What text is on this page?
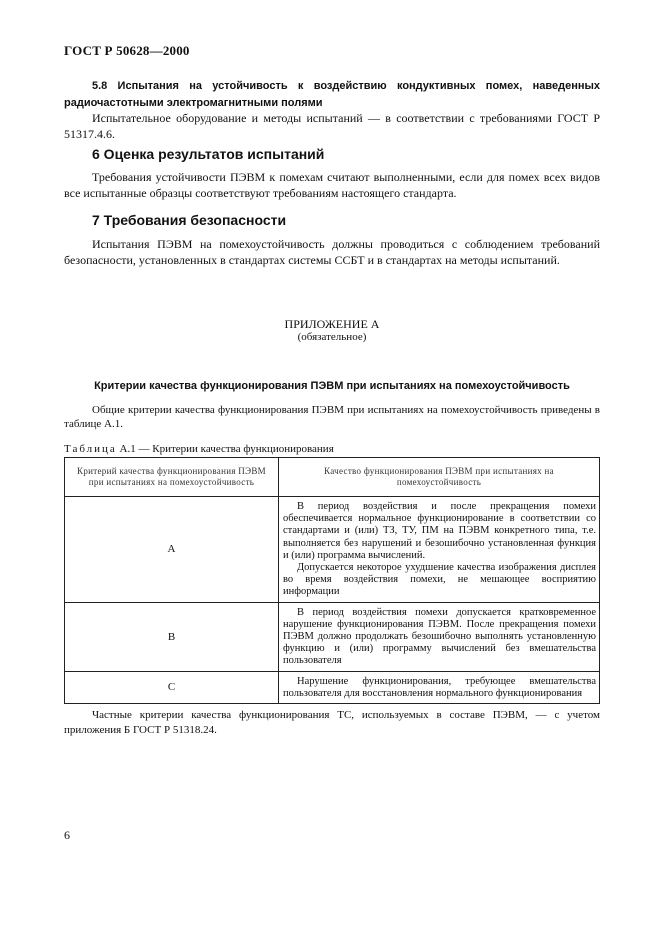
ГОСТ Р 50628—2000

5.8 Испытания на устойчивость к воздействию кондуктивных помех, наведенных радиочастотными электромагнитными полями

Испытательное оборудование и методы испытаний — в соответствии с требованиями ГОСТ Р 51317.4.6.

6 Оценка результатов испытаний

Требования устойчивости ПЭВМ к помехам считают выполненными, если для помех всех видов все испытанные образцы соответствуют требованиям настоящего стандарта.

7 Требования безопасности

Испытания ПЭВМ на помехоустойчивость должны проводиться с соблюдением требований безопасности, установленных в стандартах системы ССБТ и в стандартах на методы испытаний.

ПРИЛОЖЕНИЕ А
(обязательное)
Критерии качества функционирования ПЭВМ при испытаниях на помехоустойчивость

Общие критерии качества функционирования ПЭВМ при испытаниях на помехоустойчивость приведены в таблице А.1.

Таблица А.1 — Критерии качества функционирования
Критерий качества функционирования ПЭВМ при испытаниях на помехоустойчивость	Качество функционирования ПЭВМ при испытаниях на помехоустойчивость
A	В период воздействия и после прекращения помехи обеспечивается нормальное функционирование в соответствии со стандартами и (или) ТЗ, ТУ, ПМ на ПЭВМ конкретного типа, т.е. выполняется без нарушений и безошибочно установленная функция и (или) программа вычислений.
Допускается некоторое ухудшение качества изображения дисплея во время воздействия помехи, не мешающее восприятию информации

B	В период воздействия помехи допускается кратковременное нарушение функционирования ПЭВМ. После прекращения помехи ПЭВМ должно продолжать безошибочно выполнять установленную функцию и (или) программу вычислений без вмешательства пользователя

C	Нарушение функционирования, требующее вмешательства пользователя для восстановления нормального функционирования

Частные критерии качества функционирования ТС, используемых в составе ПЭВМ, — с учетом приложения Б ГОСТ Р 51318.24.

6
